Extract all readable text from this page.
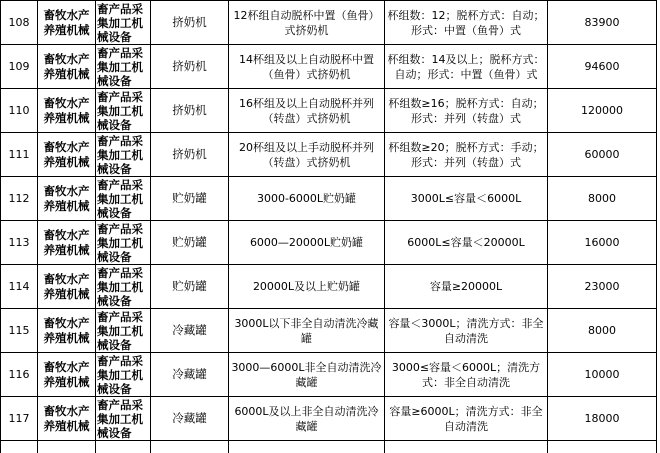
108	畜牧水产养殖机械	畜产品采集加工机械设备	挤奶机	12杯组自动脱杯中置（鱼骨）式挤奶机	杯组数：12；脱杯方式：自动；形式：中置（鱼骨）式	83900
109	畜牧水产养殖机械	畜产品采集加工机械设备	挤奶机	14杯组及以上自动脱杯中置（鱼骨）式挤奶机	杯组数：14及以上；脱杯方式：自动；形式：中置（鱼骨）式	94600
110	畜牧水产养殖机械	畜产品采集加工机械设备	挤奶机	16杯组及以上自动脱杯并列（转盘）式挤奶机	杯组数≥16；脱杯方式：自动；形式：并列（转盘）式	120000
111	畜牧水产养殖机械	畜产品采集加工机械设备	挤奶机	20杯组及以上手动脱杯并列（转盘）式挤奶机	杯组数≥20；脱杯方式：手动；形式：并列（转盘）式	60000
112	畜牧水产养殖机械	畜产品采集加工机械设备	贮奶罐	3000-6000L贮奶罐	3000L≤容量＜6000L	8000
113	畜牧水产养殖机械	畜产品采集加工机械设备	贮奶罐	6000—20000L贮奶罐	6000L≤容量＜20000L	16000
114	畜牧水产养殖机械	畜产品采集加工机械设备	贮奶罐	20000L及以上贮奶罐	容量≥20000L	23000
115	畜牧水产养殖机械	畜产品采集加工机械设备	冷藏罐	3000L以下非全自动清洗冷藏罐	容量＜3000L；清洗方式：非全自动清洗	8000
116	畜牧水产养殖机械	畜产品采集加工机械设备	冷藏罐	3000—6000L非全自动清洗冷藏罐	3000≤容量＜6000L；清洗方式：非全自动清洗	10000
117	畜牧水产养殖机械	畜产品采集加工机械设备	冷藏罐	6000L及以上非全自动清洗冷藏罐	容量≥6000L；清洗方式：非全自动清洗	18000
